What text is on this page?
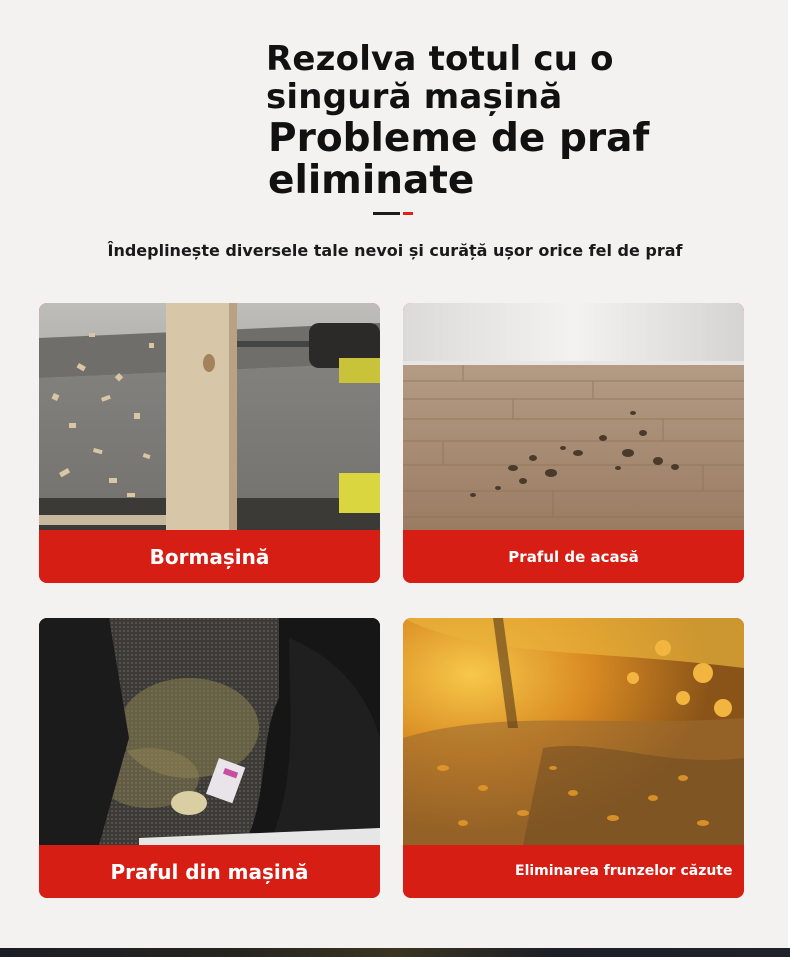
Rezolva totul cu o singură mașină
Probleme de praf eliminate
Îndeplinește diversele tale nevoi și curăță ușor orice fel de praf
Bormașină	Praful de acasă
Praful din mașină	Eliminarea frunzelor căzute
